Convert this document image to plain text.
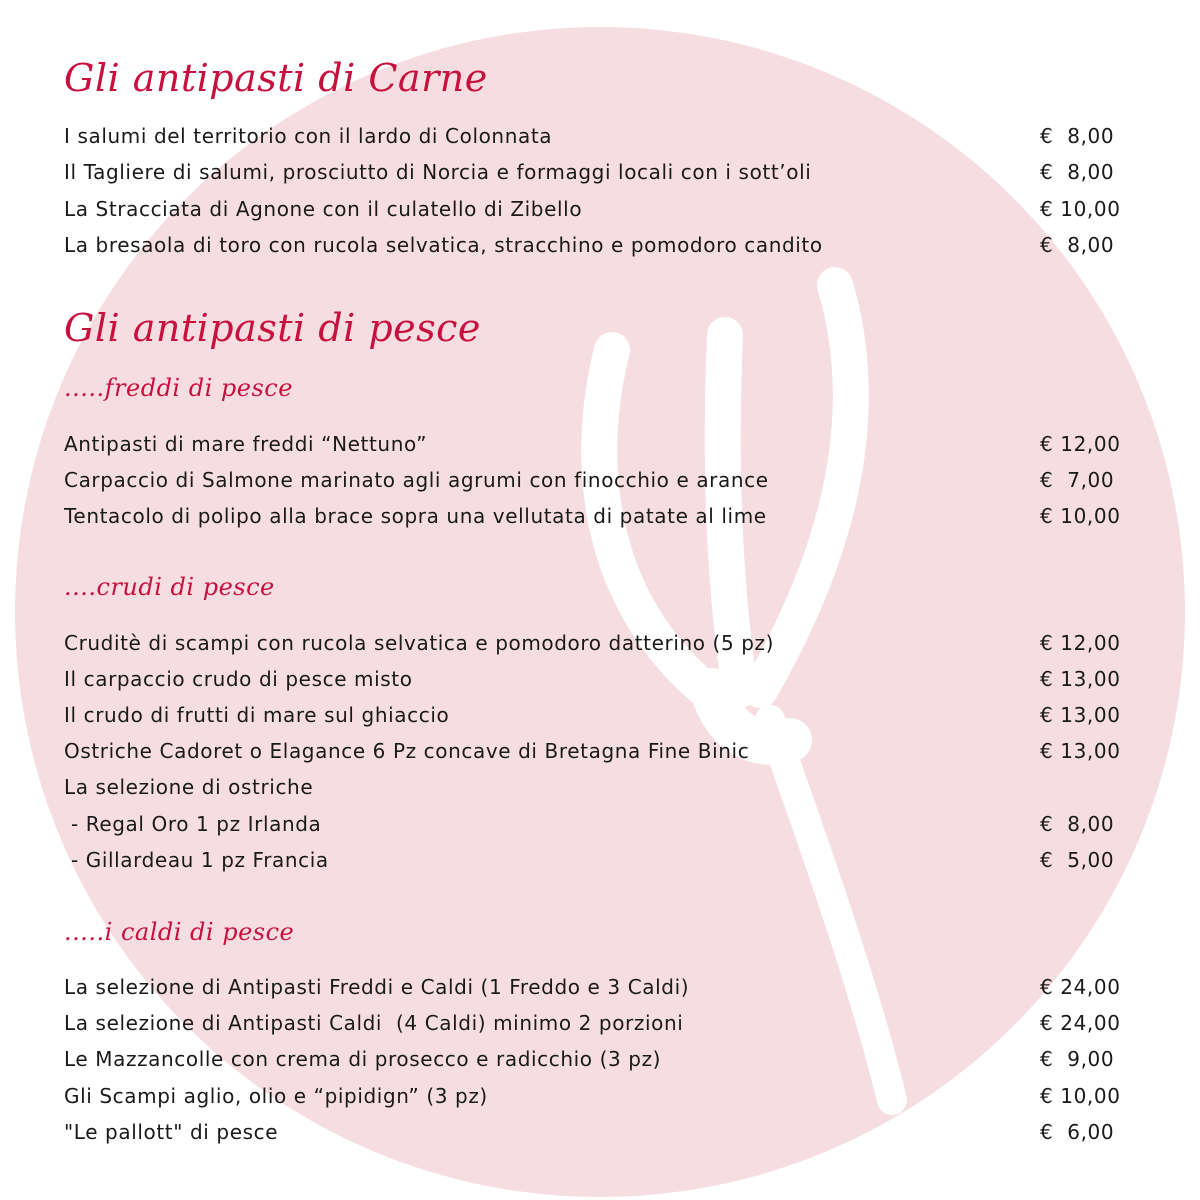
Gli antipasti di Carne
I salumi del territorio con il lardo di Colonnata	€  8,00
Il Tagliere di salumi, prosciutto di Norcia e formaggi locali con i sott’oli	€  8,00
La Stracciata di Agnone con il culatello di Zibello	€ 10,00
La bresaola di toro con rucola selvatica, stracchino e pomodoro candito	€  8,00
Gli antipasti di pesce
.....freddi di pesce
Antipasti di mare freddi “Nettuno”	€ 12,00
Carpaccio di Salmone marinato agli agrumi con finocchio e arance	€  7,00
Tentacolo di polipo alla brace sopra una vellutata di patate al lime	€ 10,00
....crudi di pesce
Cruditè di scampi con rucola selvatica e pomodoro datterino (5 pz)	€ 12,00
Il carpaccio crudo di pesce misto	€ 13,00
Il crudo di frutti di mare sul ghiaccio	€ 13,00
Ostriche Cadoret o Elagance 6 Pz concave di Bretagna Fine Binic	€ 13,00
La selezione di ostriche
- Regal Oro 1 pz Irlanda	€  8,00
- Gillardeau 1 pz Francia	€  5,00
.....i caldi di pesce
La selezione di Antipasti Freddi e Caldi (1 Freddo e 3 Caldi)	€ 24,00
La selezione di Antipasti Caldi  (4 Caldi) minimo 2 porzioni	€ 24,00
Le Mazzancolle con crema di prosecco e radicchio (3 pz)	€  9,00
Gli Scampi aglio, olio e “pipidign” (3 pz)	€ 10,00
"Le pallott" di pesce	€  6,00
